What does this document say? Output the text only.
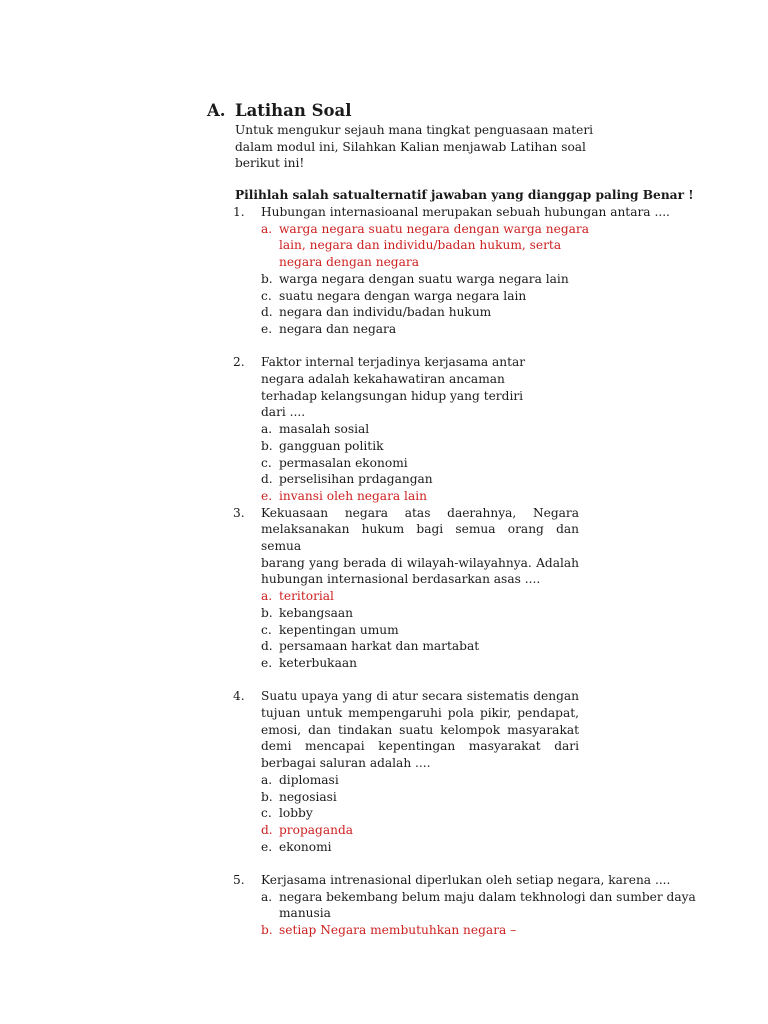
A. Latihan Soal
Untuk mengukur sejauh mana tingkat penguasaan materi
dalam modul ini, Silahkan Kalian menjawab Latihan soal
berikut ini!
Pilihlah salah satualternatif jawaban yang dianggap paling Benar !
1. Hubungan internasioanal merupakan sebuah hubungan antara ....
a. warga negara suatu negara dengan warga negara
lain, negara dan individu/badan hukum, serta
negara dengan negara
b. warga negara dengan suatu warga negara lain
c. suatu negara dengan warga negara lain
d. negara dan individu/badan hukum
e. negara dan negara
2. Faktor internal terjadinya kerjasama antar
negara adalah kekahawatiran ancaman
terhadap kelangsungan hidup yang terdiri
dari ....
a. masalah sosial
b. gangguan politik
c. permasalan ekonomi
d. perselisihan prdagangan
e. invansi oleh negara lain
3. Kekuasaan negara atas daerahnya, Negara
melaksanakan hukum bagi semua orang dan semua
barang yang berada di wilayah-wilayahnya. Adalah
hubungan internasional berdasarkan asas ....
a. teritorial
b. kebangsaan
c. kepentingan umum
d. persamaan harkat dan martabat
e. keterbukaan
4. Suatu upaya yang di atur secara sistematis dengan
tujuan untuk mempengaruhi pola pikir, pendapat,
emosi, dan tindakan suatu kelompok masyarakat
demi mencapai kepentingan masyarakat dari
berbagai saluran adalah ....
a. diplomasi
b. negosiasi
c. lobby
d. propaganda
e. ekonomi
5. Kerjasama intrenasional diperlukan oleh setiap negara, karena ....
a. negara bekembang belum maju dalam tekhnologi dan sumber daya
manusia
b. setiap Negara membutuhkan negara –
